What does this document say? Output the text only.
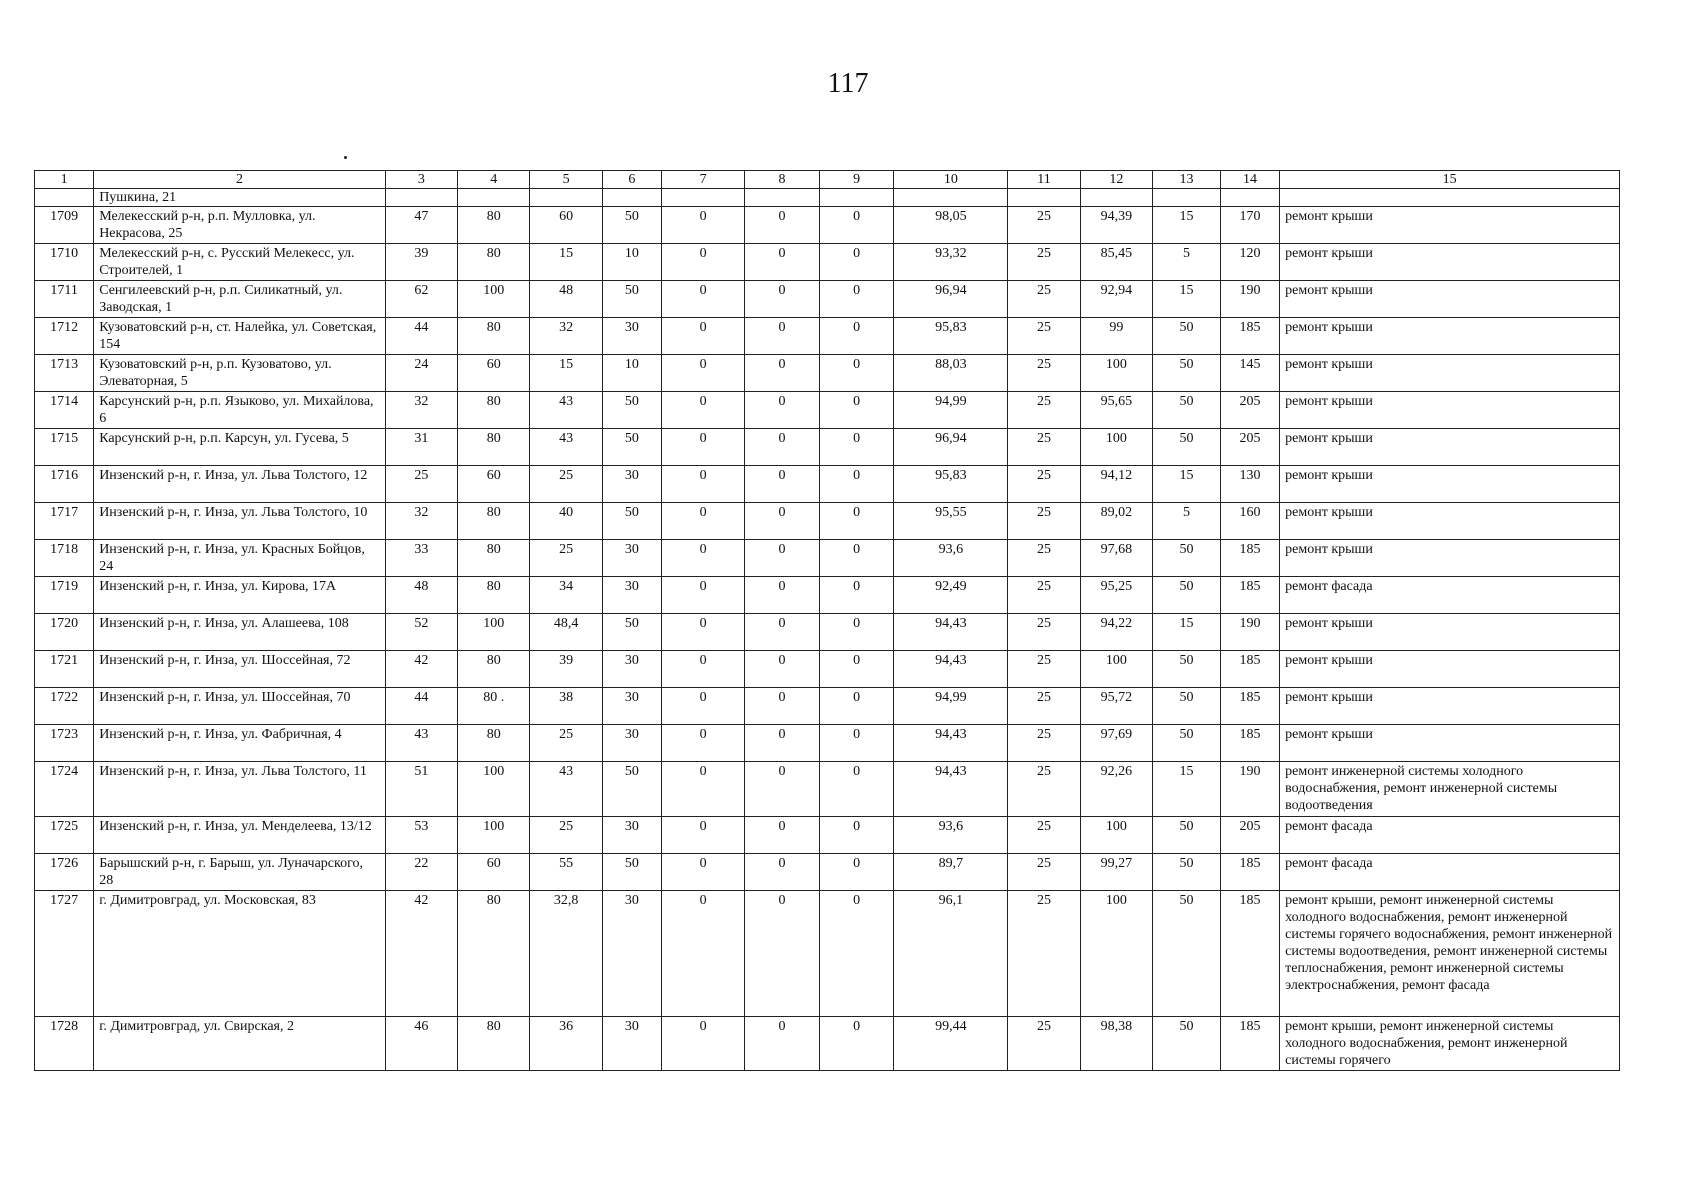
117
1	2	3	4	5	6	7	8	9	10	11	12	13	14	15
	Пушкина, 21													
1709	Мелекесский р-н, р.п. Мулловка, ул. Некрасова, 25	47	80	60	50	0	0	0	98,05	25	94,39	15	170	ремонт крыши
1710	Мелекесский р-н, с. Русский Мелекесс, ул. Строителей, 1	39	80	15	10	0	0	0	93,32	25	85,45	5	120	ремонт крыши
1711	Сенгилеевский р-н, р.п. Силикатный, ул. Заводская, 1	62	100	48	50	0	0	0	96,94	25	92,94	15	190	ремонт крыши
1712	Кузоватовский р-н, ст. Налейка, ул. Советская, 154	44	80	32	30	0	0	0	95,83	25	99	50	185	ремонт крыши
1713	Кузоватовский р-н, р.п. Кузоватово, ул. Элеваторная, 5	24	60	15	10	0	0	0	88,03	25	100	50	145	ремонт крыши
1714	Карсунский р-н, р.п. Языково, ул. Михайлова, 6	32	80	43	50	0	0	0	94,99	25	95,65	50	205	ремонт крыши
1715	Карсунский р-н, р.п. Карсун, ул. Гусева, 5	31	80	43	50	0	0	0	96,94	25	100	50	205	ремонт крыши
1716	Инзенский р-н, г. Инза, ул. Льва Толстого, 12	25	60	25	30	0	0	0	95,83	25	94,12	15	130	ремонт крыши
1717	Инзенский р-н, г. Инза, ул. Льва Толстого, 10	32	80	40	50	0	0	0	95,55	25	89,02	5	160	ремонт крыши
1718	Инзенский р-н, г. Инза, ул. Красных Бойцов, 24	33	80	25	30	0	0	0	93,6	25	97,68	50	185	ремонт крыши
1719	Инзенский р-н, г. Инза, ул. Кирова, 17А	48	80	34	30	0	0	0	92,49	25	95,25	50	185	ремонт фасада
1720	Инзенский р-н, г. Инза, ул. Алашеева, 108	52	100	48,4	50	0	0	0	94,43	25	94,22	15	190	ремонт крыши
1721	Инзенский р-н, г. Инза, ул. Шоссейная, 72	42	80	39	30	0	0	0	94,43	25	100	50	185	ремонт крыши
1722	Инзенский р-н, г. Инза, ул. Шоссейная, 70	44	80 .	38	30	0	0	0	94,99	25	95,72	50	185	ремонт крыши
1723	Инзенский р-н, г. Инза, ул. Фабричная, 4	43	80	25	30	0	0	0	94,43	25	97,69	50	185	ремонт крыши
1724	Инзенский р-н, г. Инза, ул. Льва Толстого, 11	51	100	43	50	0	0	0	94,43	25	92,26	15	190	ремонт инженерной системы холодного водоснабжения, ремонт инженерной системы водоотведения
1725	Инзенский р-н, г. Инза, ул. Менделеева, 13/12	53	100	25	30	0	0	0	93,6	25	100	50	205	ремонт фасада
1726	Барышский р-н, г. Барыш, ул. Луначарского, 28	22	60	55	50	0	0	0	89,7	25	99,27	50	185	ремонт фасада
1727	г. Димитровград, ул. Московская, 83	42	80	32,8	30	0	0	0	96,1	25	100	50	185	ремонт крыши, ремонт инженерной системы холодного водоснабжения, ремонт инженерной системы горячего водоснабжения, ремонт инженерной системы водоотведения, ремонт инженерной системы теплоснабжения, ремонт инженерной системы электроснабжения, ремонт фасада
1728	г. Димитровград, ул. Свирская, 2	46	80	36	30	0	0	0	99,44	25	98,38	50	185	ремонт крыши, ремонт инженерной системы холодного водоснабжения, ремонт инженерной системы горячего
